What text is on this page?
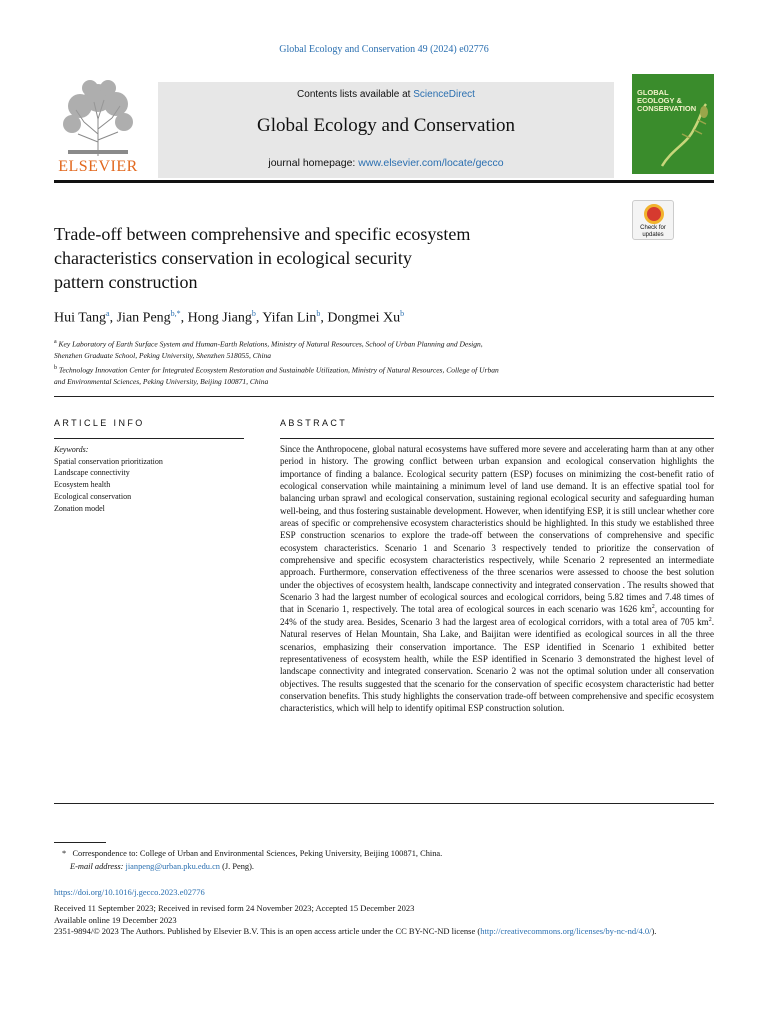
Global Ecology and Conservation 49 (2024) e02776
ELSEVIER
Contents lists available at ScienceDirect
Global Ecology and Conservation
journal homepage: www.elsevier.com/locate/gecco
GLOBAL
ECOLOGY &
CONSERVATION
Check for
updates
Trade-off between comprehensive and specific ecosystem
characteristics conservation in ecological security
pattern construction
Hui Tang$^a$, Jian Peng$^{b,*}$, Hong Jiang$^b$, Yifan Lin$^b$, Dongmei Xu$^b$
$^a$ Key Laboratory of Earth Surface System and Human-Earth Relations, Ministry of Natural Resources, School of Urban Planning and Design,
Shenzhen Graduate School, Peking University, Shenzhen 518055, China
$^b$ Technology Innovation Center for Integrated Ecosystem Restoration and Sustainable Utilization, Ministry of Natural Resources, College of Urban
and Environmental Sciences, Peking University, Beijing 100871, China
ARTICLE INFO	ABSTRACT
Keywords:
Spatial conservation prioritization
Landscape connectivity
Ecosystem health
Ecological conservation
Zonation model
Since the Anthropocene, global natural ecosystems have suffered more severe and accelerating harm than at any other period in history. The growing conflict between urban expansion and ecological conservation highlights the importance of finding a balance. Ecological security pattern (ESP) focuses on minimizing the cost-benefit ratio of ecological conservation while maintaining a minimum level of land use demand. It is an effective spatial tool for balancing urban sprawl and ecological conservation, sustaining regional ecological security and safeguarding human well-being, and thus fostering sustainable development. However, when identifying ESP, it is still unclear whether core areas of specific or comprehensive ecosystem characteristics should be highlighted. In this study we established three ESP construction scenarios to explore the trade-off between the conservations of comprehensive and specific ecosystem characteristics. Scenario 1 and Scenario 3 respectively tended to prioritize the conservation of comprehensive and specific ecosystem characteristics respectively, while Scenario 2 represented an intermediate approach. Furthermore, conservation effectiveness of the three scenarios were assessed to choose the best solution under the objectives of ecosystem health, landscape connectivity and integrated conservation . The results showed that Scenario 3 had the largest number of ecological sources and ecological corridors, being 5.82 times and 7.48 times of that in Scenario 1, respectively. The total area of ecological sources in each scenario was 1626 $km^2$, accounting for 24% of the study area. Besides, Scenario 3 had the largest area of ecological corridors, with a total area of 705 $km^2$. Natural reserves of Helan Mountain, Sha Lake, and Baijitan were identified as ecological sources in all the three scenarios, emphasizing their conservation importance. The ESP identified in Scenario 1 exhibited better representativeness of ecosystem health, while the ESP identified in Scenario 3 demonstrated the highest level of landscape connectivity and integrated conservation. Scenario 2 was not the optimal solution under all conservation objectives. The results suggested that the scenario for the conservation of specific ecosystem characteristic had better conservation benefits. This study highlights the conservation trade-off between comprehensive and specific ecosystem characteristics, which will help to identify opitimal ESP construction solution.
* Correspondence to: College of Urban and Environmental Sciences, Peking University, Beijing 100871, China.
E-mail address: jianpeng@urban.pku.edu.cn (J. Peng).
https://doi.org/10.1016/j.gecco.2023.e02776
Received 11 September 2023; Received in revised form 24 November 2023; Accepted 15 December 2023
Available online 19 December 2023
2351-9894/© 2023 The Authors. Published by Elsevier B.V. This is an open access article under the CC BY-NC-ND license (http://creativecommons.org/licenses/by-nc-nd/4.0/).
